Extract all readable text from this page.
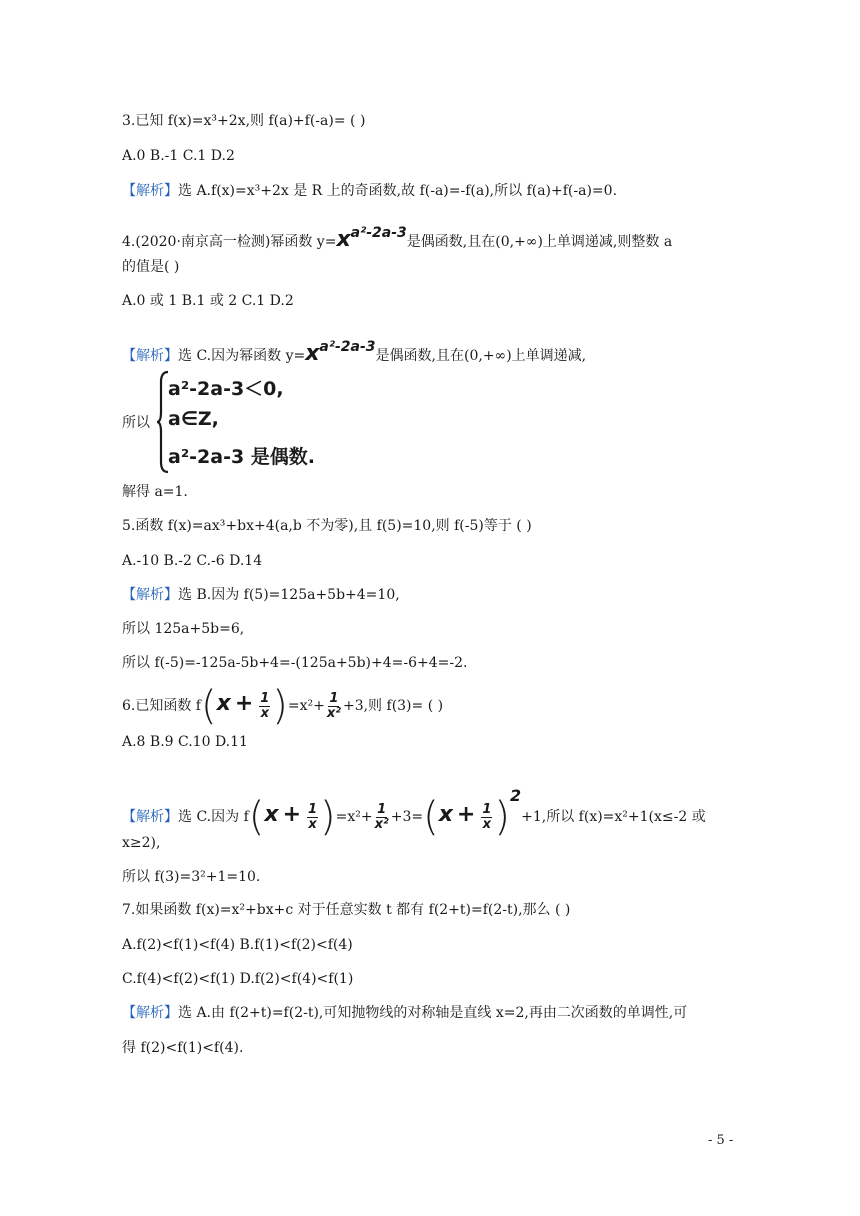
3.已知 f(x)=x³+2x,则 f(a)+f(-a)= ( )
A.0 B.-1 C.1 D.2
【解析】选 A.f(x)=x³+2x 是 R 上的奇函数,故 f(-a)=-f(a),所以 f(a)+f(-a)=0.
4.(2020·南京高一检测)幂函数 y=xa²-2a-3是偶函数,且在(0,+∞)上单调递减,则整数 a
的值是( )
A.0 或 1 B.1 或 2 C.1 D.2
【解析】选 C.因为幂函数 y=xa²-2a-3是偶函数,且在(0,+∞)上单调递减,
所以
a²-2a-3＜0,
a∈Z,
a²-2a-3 是偶数.
解得 a=1.
5.函数 f(x)=ax³+bx+4(a,b 不为零),且 f(5)=10,则 f(-5)等于 ( )
A.-10 B.-2 C.-6 D.14
【解析】选 B.因为 f(5)=125a+5b+4=10,
所以 125a+5b=6,
所以 f(-5)=-125a-5b+4=-(125a+5b)+4=-6+4=-2.
6.已知函数 $f(x + \frac{1}{x} )=x^2+ \frac{1}{\text{x²}} +3$,则 f(3)= ( )
A.8 B.9 C.10 D.11
【解析】选 C.因为 $f(x + \frac{1}{x} )=x^2+ \frac{1}{\text{x²}} +3=(x + \frac{1}{x} )2+1$,所以 f(x)=x²+1(x≤-2 或
x≥2),
所以 f(3)=3²+1=10.
7.如果函数 f(x)=x²+bx+c 对于任意实数 t 都有 f(2+t)=f(2-t),那么 ( )
A.f(2)<f(1)<f(4) B.f(1)<f(2)<f(4)
C.f(4)<f(2)<f(1) D.f(2)<f(4)<f(1)
【解析】选 A.由 f(2+t)=f(2-t),可知抛物线的对称轴是直线 x=2,再由二次函数的单调性,可
得 f(2)<f(1)<f(4).
- 5 -
